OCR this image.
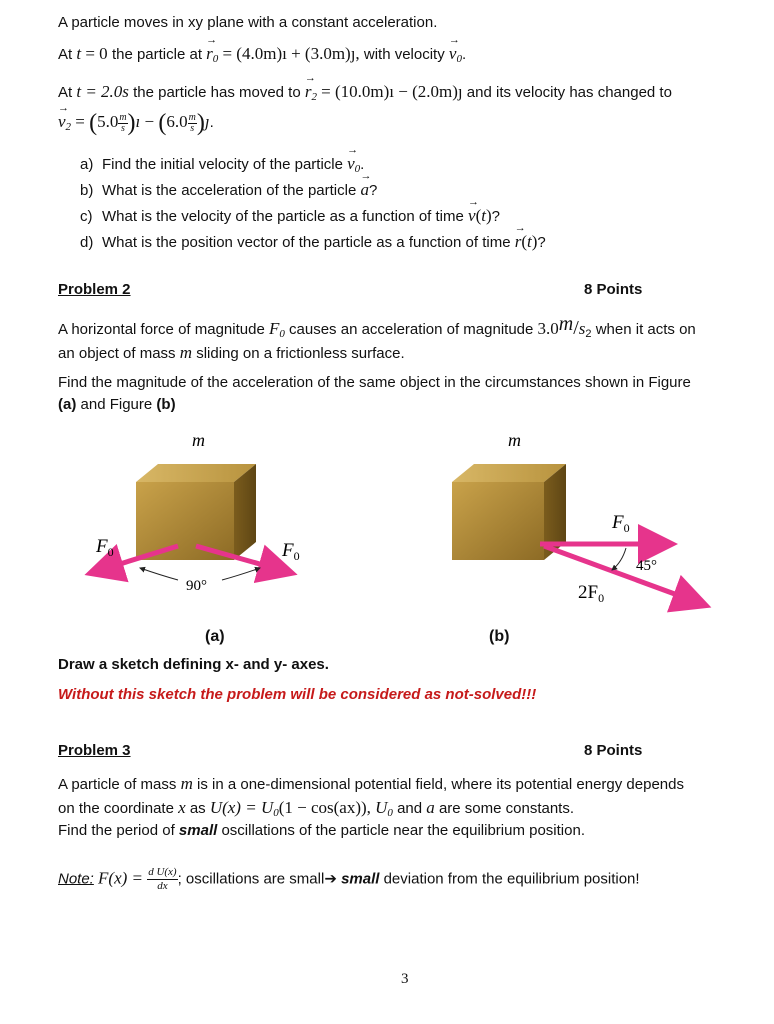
A particle moves in xy plane with a constant acceleration.
At t = 0 the particle at → $r_0$ = (4.0m)ı + (3.0m)ȷ, with velocity → $v_0$.
At t = 2.0s the particle has moved to → $r_2$ = (10.0m)ı − (2.0m)ȷ and its velocity has changed to
→ $v_2 = (5.0 \frac{m}{s}$ )ı − ($6.0 \frac{m}{s}$ )ȷ.
a) Find the initial velocity of the particle → $v_0$.
b) What is the acceleration of the particle → a?
c) What is the velocity of the particle as a function of time → v(t)?
d) What is the position vector of the particle as a function of time → r(t)?
Problem 2	8 Points
A horizontal force of magnitude $F_0$ causes an acceleration of magnitude $3.0m/s_2$ when it acts on
an object of mass m sliding on a frictionless surface.
Find the magnitude of the acceleration of the same object in the circumstances shown in Figure
(a) and Figure (b)
m
90°
$F_0$	$F_0$
m
45°
$F_0$
$2F_0$
(a)	(b)
Draw a sketch defining x- and y- axes.
Without this sketch the problem will be considered as not-solved!!!
Problem 3	8 Points
A particle of mass m is in a one-dimensional potential field, where its potential energy depends
on the coordinate x as $U(x) = U_0(1 - \cos(ax))$, $U_0$ and a are some constants.
Find the period of small oscillations of the particle near the equilibrium position.
Note: $F(x) = \frac{\text{d U(x)}}{dx}$ ; oscillations are small➔ small deviation from the equilibrium position!
3
